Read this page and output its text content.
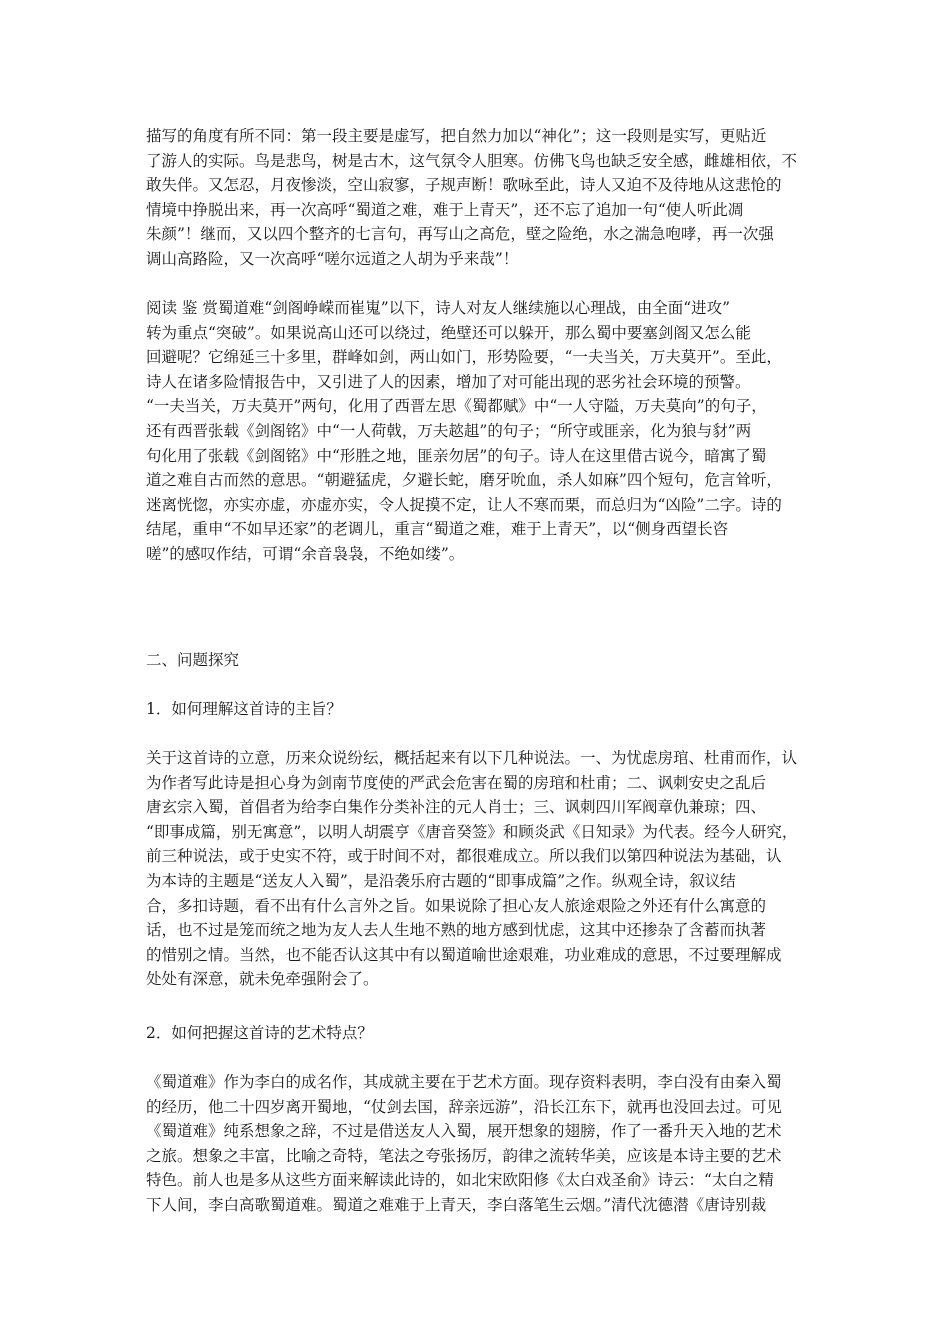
描写的角度有所不同：第一段主要是虚写，把自然力加以“神化”；这一段则是实写，更贴近
了游人的实际。鸟是悲鸟，树是古木，这气氛令人胆寒。仿佛飞鸟也缺乏安全感，雌雄相依，不
敢失伴。又怎忍，月夜惨淡，空山寂寥，子规声断！歌咏至此，诗人又迫不及待地从这悲怆的
情境中挣脱出来，再一次高呼“蜀道之难，难于上青天”，还不忘了追加一句“使人听此凋
朱颜”！继而，又以四个整齐的七言句，再写山之高危，壁之险绝，水之湍急咆哮，再一次强
调山高路险，又一次高呼“嗟尔远道之人胡为乎来哉”！
阅读 鉴 赏蜀道难“剑阁峥嵘而崔嵬”以下，诗人对友人继续施以心理战，由全面“进攻”
转为重点“突破”。如果说高山还可以绕过，绝壁还可以躲开，那么蜀中要塞剑阁又怎么能
回避呢？它绵延三十多里，群峰如剑，两山如门，形势险要，“一夫当关，万夫莫开”。至此，
诗人在诸多险情报告中，又引进了人的因素，增加了对可能出现的恶劣社会环境的预警。
“一夫当关，万夫莫开”两句，化用了西晋左思《蜀都赋》中“一人守隘，万夫莫向”的句子，
还有西晋张载《剑阁铭》中“一人荷戟，万夫趑趄”的句子；“所守或匪亲，化为狼与豺”两
句化用了张载《剑阁铭》中“形胜之地，匪亲勿居”的句子。诗人在这里借古说今，暗寓了蜀
道之难自古而然的意思。“朝避猛虎，夕避长蛇，磨牙吮血，杀人如麻”四个短句，危言耸听，
迷离恍惚，亦实亦虚，亦虚亦实，令人捉摸不定，让人不寒而栗，而总归为“凶险”二字。诗的
结尾，重申“不如早还家”的老调儿，重言“蜀道之难，难于上青天”，以“侧身西望长咨
嗟”的感叹作结，可谓“余音袅袅，不绝如缕”。
二、问题探究
1．如何理解这首诗的主旨？
关于这首诗的立意，历来众说纷纭，概括起来有以下几种说法。一、为忧虑房琯、杜甫而作，认
为作者写此诗是担心身为剑南节度使的严武会危害在蜀的房琯和杜甫；二、讽刺安史之乱后
唐玄宗入蜀，首倡者为给李白集作分类补注的元人肖士；三、讽刺四川军阀章仇兼琼；四、
“即事成篇，别无寓意”，以明人胡震亨《唐音癸签》和顾炎武《日知录》为代表。经今人研究，
前三种说法，或于史实不符，或于时间不对，都很难成立。所以我们以第四种说法为基础，认
为本诗的主题是“送友人入蜀”，是沿袭乐府古题的“即事成篇”之作。纵观全诗，叙议结
合，多扣诗题，看不出有什么言外之旨。如果说除了担心友人旅途艰险之外还有什么寓意的
话，也不过是笼而统之地为友人去人生地不熟的地方感到忧虑，这其中还掺杂了含蓄而执著
的惜别之情。当然，也不能否认这其中有以蜀道喻世途艰难，功业难成的意思，不过要理解成
处处有深意，就未免牵强附会了。
2．如何把握这首诗的艺术特点？
《蜀道难》作为李白的成名作，其成就主要在于艺术方面。现存资料表明，李白没有由秦入蜀
的经历，他二十四岁离开蜀地，“仗剑去国，辞亲远游”，沿长江东下，就再也没回去过。可见
《蜀道难》纯系想象之辞，不过是借送友人入蜀，展开想象的翅膀，作了一番升天入地的艺术
之旅。想象之丰富，比喻之奇特，笔法之夸张扬厉，韵律之流转华美，应该是本诗主要的艺术
特色。前人也是多从这些方面来解读此诗的，如北宋欧阳修《太白戏圣俞》诗云：“太白之精
下人间，李白高歌蜀道难。蜀道之难难于上青天，李白落笔生云烟。”清代沈德潜《唐诗别裁
